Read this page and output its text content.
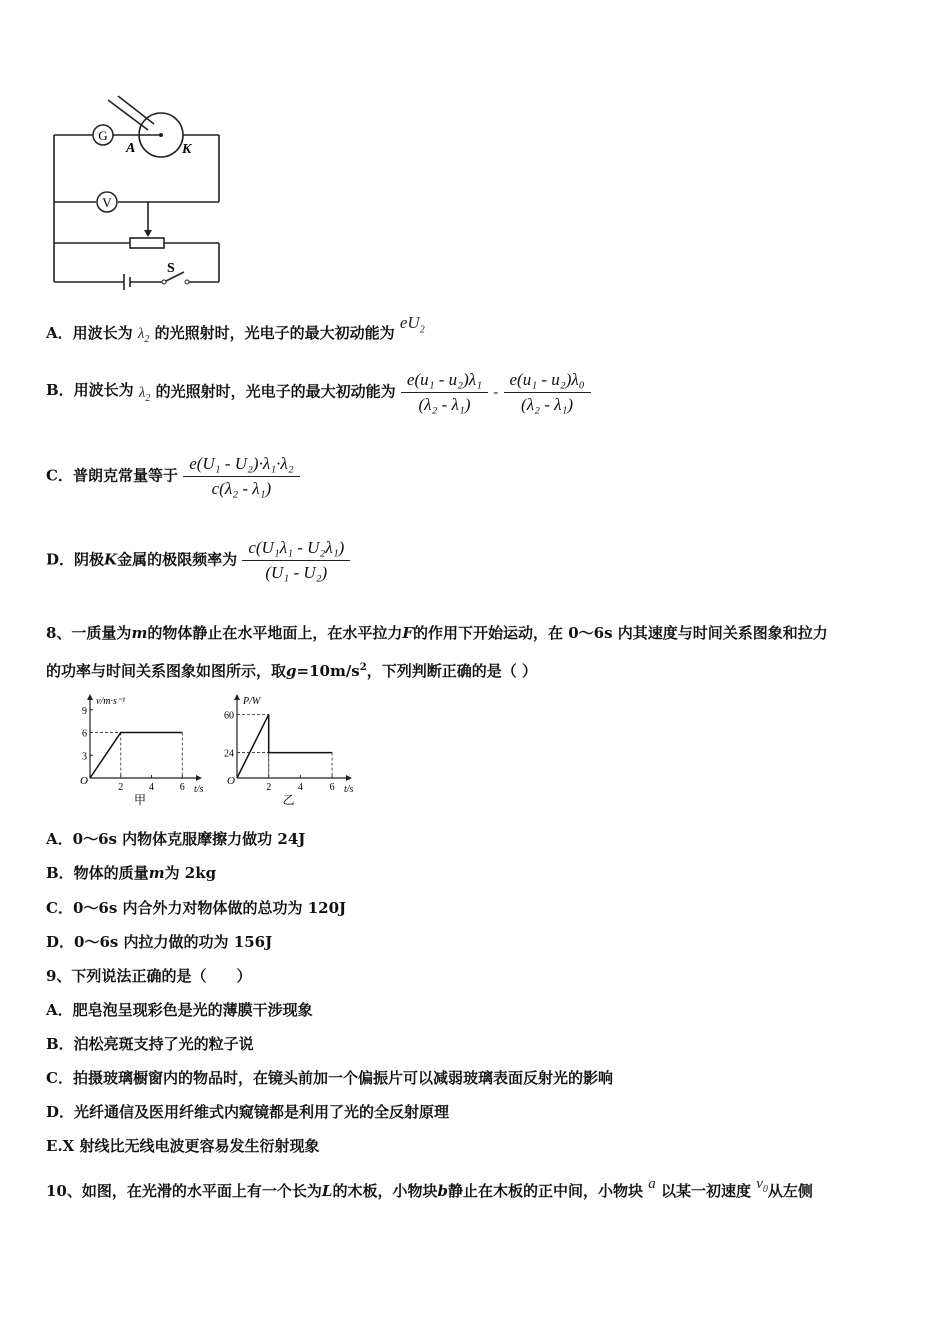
G
V
A	K
S
A．用波长为 $\lambda_2$ 的光照射时，光电子的最大初动能为 $eU_2$
B．用波长为 $\lambda_2$ 的光照射时，光电子的最大初动能为 $\frac{\text{e(u₁ - u₂)λ₁}}{\text{(λ₂ - λ₁)}} - \frac{\text{e(u₁ - u₂)λ₀}}{\text{(λ₂ - λ₁)}}$
C．普朗克常量等于 $\frac{\text{e(U₁ - U₂)·λ₁·λ₂}}{\text{c(λ₂ - λ₁)}}$
D．阴极K金属的极限频率为 $\frac{\text{c(U₁λ₁ - U₂λ₁)}}{\text{(U₁ - U₂)}}$
8、一质量为m的物体静止在水平地面上，在水平拉力F的作用下开始运动，在 0～6s 内其速度与时间关系图象和拉力
的功率与时间关系图象如图所示，取$g=10m/s^2$，下列判断正确的是（ ）
v/m·s⁻¹
t/s
O
甲
2	4	6
3
6
9
P/W
t/s
O
乙
2	4	6
24
60
A．0～6s 内物体克服摩擦力做功 24J
B．物体的质量m为 2kg
C．0～6s 内合外力对物体做的总功为 120J
D．0～6s 内拉力做的功为 156J
9、下列说法正确的是（　　）
A．肥皂泡呈现彩色是光的薄膜干涉现象
B．泊松亮斑支持了光的粒子说
C．拍摄玻璃橱窗内的物品时，在镜头前加一个偏振片可以减弱玻璃表面反射光的影响
D．光纤通信及医用纤维式内窥镜都是利用了光的全反射原理
E.X 射线比无线电波更容易发生衍射现象
10、如图，在光滑的水平面上有一个长为L的木板，小物块b静止在木板的正中间，小物块 a 以某一初速度 $v_0$从左侧
